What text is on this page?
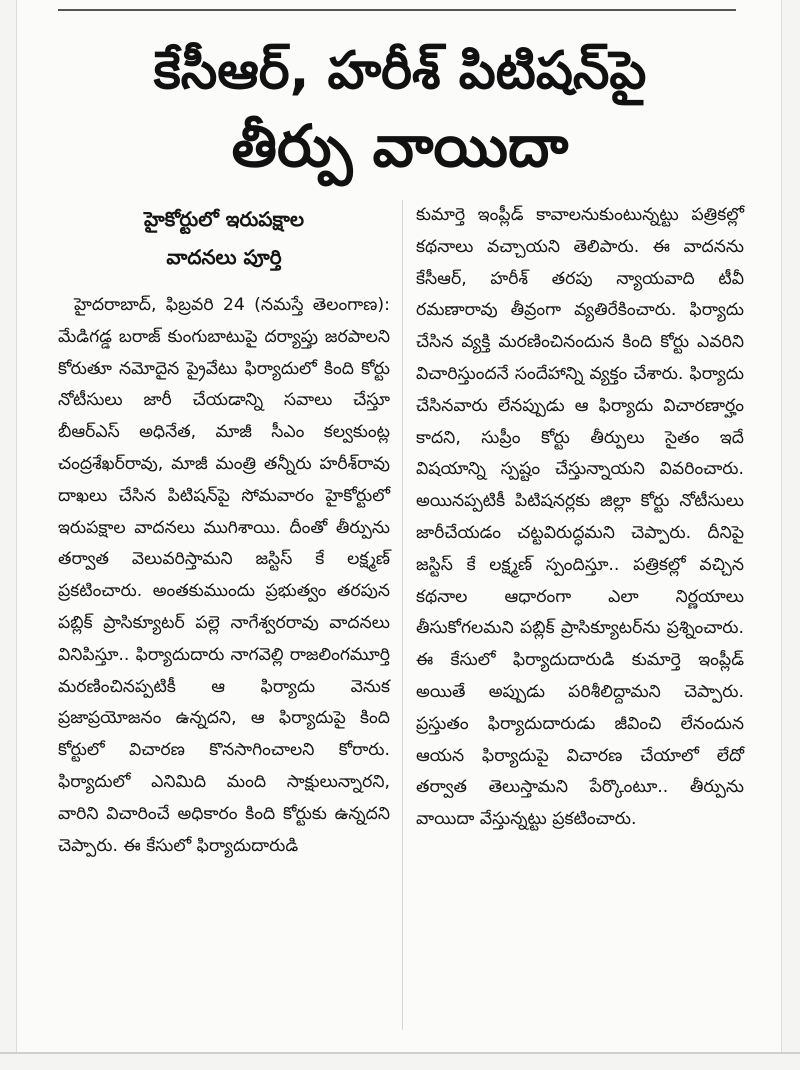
కేసీఆర్‌, హరీశ్‌ పిటిషన్‌పై
తీర్పు వాయిదా
హైకోర్టులో ఇరుపక్షాల
వాదనలు పూర్తి

హైదరాబాద్‌, ఫిబ్రవరి 24 (నమస్తే తెలంగాణ): మేడిగడ్డ బరాజ్‌ కుంగుబాటుపై దర్యాప్తు జరపాలని కోరుతూ నమోదైన ప్రైవేటు ఫిర్యాదులో కింది కోర్టు నోటీసులు జారీ చేయడాన్ని సవాలు చేస్తూ బీఆర్‌ఎస్‌ అధినేత, మాజీ సీఎం కల్వకుంట్ల చంద్రశేఖర్‌రావు, మాజీ మంత్రి తన్నీరు హరీశ్‌రావు దాఖలు చేసిన పిటిషన్‌పై సోమవారం హైకోర్టులో ఇరుపక్షాల వాదనలు ముగిశాయి. దీంతో తీర్పును తర్వాత వెలువరిస్తామని జస్టిస్‌ కే లక్ష్మణ్‌ ప్రకటించారు. అంతకుముందు ప్రభుత్వం తరపున పబ్లిక్‌ ప్రాసిక్యూటర్‌ పల్లె నాగేశ్వరరావు వాదనలు వినిపిస్తూ.. ఫిర్యాదుదారు నాగవెల్లి రాజలింగమూర్తి మరణించినప్పటికీ ఆ ఫిర్యాదు వెనుక ప్రజాప్రయోజనం ఉన్నదని, ఆ ఫిర్యాదుపై కింది కోర్టులో విచారణ కొనసాగించాలని కోరారు. ఫిర్యాదులో ఎనిమిది మంది సాక్షులున్నారని, వారిని విచారించే అధికారం కింది కోర్టుకు ఉన్నదని చెప్పారు. ఈ కేసులో ఫిర్యాదుదారుడి

కుమార్తె ఇంప్లీడ్‌ కావాలనుకుంటున్నట్టు పత్రికల్లో కథనాలు వచ్చాయని తెలిపారు. ఈ వాదనను కేసీఆర్‌, హరీశ్‌ తరపు న్యాయవాది టీవీ రమణారావు తీవ్రంగా వ్యతిరేకించారు. ఫిర్యాదు చేసిన వ్యక్తి మరణించినందున కింది కోర్టు ఎవరిని విచారిస్తుందనే సందేహాన్ని వ్యక్తం చేశారు. ఫిర్యాదు చేసినవారు లేనప్పుడు ఆ ఫిర్యాదు విచారణార్హం కాదని, సుప్రీం కోర్టు తీర్పులు సైతం ఇదే విషయాన్ని స్పష్టం చేస్తున్నాయని వివరించారు. అయినప్పటికీ పిటిషనర్లకు జిల్లా కోర్టు నోటీసులు జారీచేయడం చట్టవిరుద్ధమని చెప్పారు. దీనిపై జస్టిస్‌ కే లక్ష్మణ్‌ స్పందిస్తూ.. పత్రికల్లో వచ్చిన కథనాల ఆధారంగా ఎలా నిర్ణయాలు తీసుకోగలమని పబ్లిక్‌ ప్రాసిక్యూటర్‌ను ప్రశ్నించారు. ఈ కేసులో ఫిర్యాదుదారుడి కుమార్తె ఇంప్లీడ్‌ అయితే అప్పుడు పరిశీలిద్దామని చెప్పారు. ప్రస్తుతం ఫిర్యాదుదారుడు జీవించి లేనందున ఆయన ఫిర్యాదుపై విచారణ చేయాలో లేదో తర్వాత తెలుస్తామని పేర్కొంటూ.. తీర్పును వాయిదా వేస్తున్నట్టు ప్రకటించారు.
